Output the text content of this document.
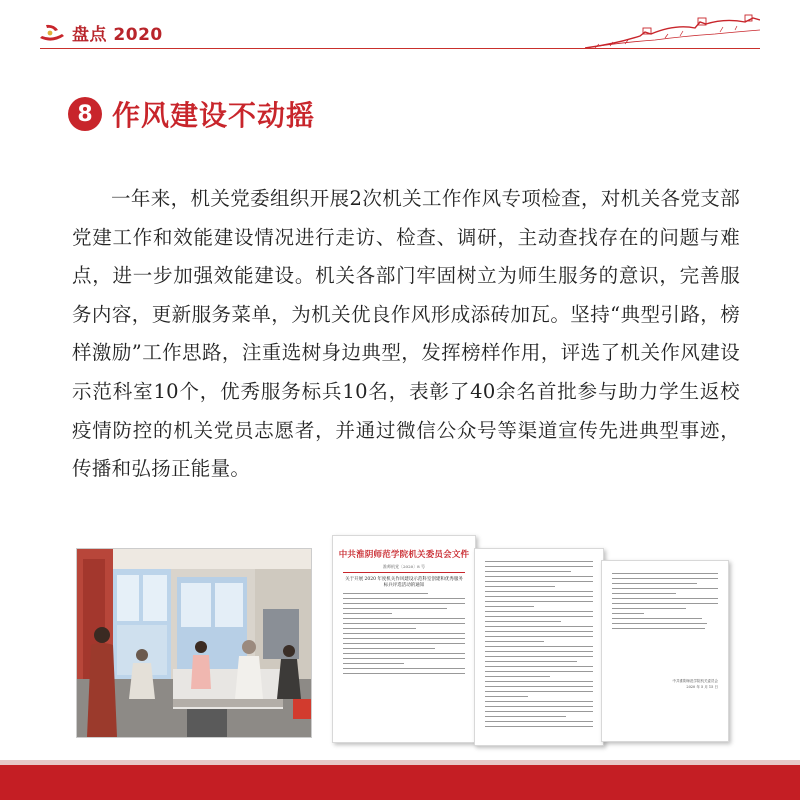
盘点 2020
8 作风建设不动摇

一年来，机关党委组织开展2次机关工作作风专项检查，对机关各党支部党建工作和效能建设情况进行走访、检查、调研，主动查找存在的问题与难点，进一步加强效能建设。机关各部门牢固树立为师生服务的意识，完善服务内容，更新服务菜单，为机关优良作风形成添砖加瓦。坚持“典型引路，榜样激励”工作思路，注重选树身边典型，发挥榜样作用，评选了机关作风建设示范科室10个，优秀服务标兵10名，表彰了40余名首批参与助力学生返校疫情防控的机关党员志愿者，并通过微信公众号等渠道宣传先进典型事迹，传播和弘扬正能量。

中共淮阴师范学院机关委员会文件
淮师机党〔2020〕8 号
关于开展 2020 年度机关作风建设示范科室创建和优秀服务标兵评选活动的通知
中共淮阴师范学院机关委员会
2020 年 5 月 15 日
